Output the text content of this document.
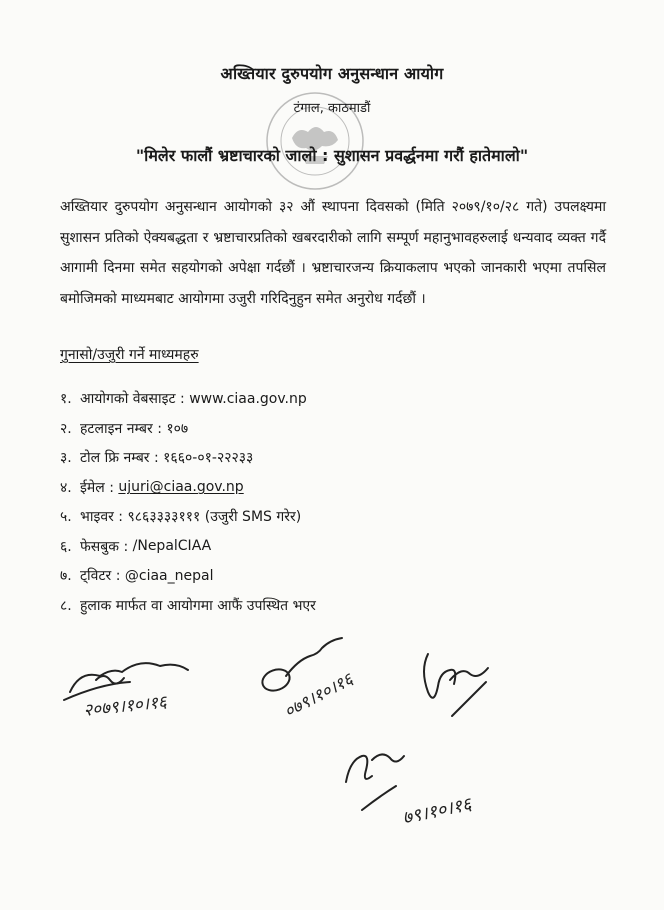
अख्तियार दुरुपयोग अनुसन्धान आयोग
टंगाल, काठमाडौं
"मिलेर फालौं भ्रष्टाचारको जालो : सुशासन प्रवर्द्धनमा गरौं हातेमालो"
अख्तियार दुरुपयोग अनुसन्धान आयोगको ३२ औं स्थापना दिवसको (मिति २०७९/१०/२८ गते) उपलक्ष्यमा सुशासन प्रतिको ऐक्यबद्धता र भ्रष्टाचारप्रतिको खबरदारीको लागि सम्पूर्ण महानुभावहरुलाई धन्यवाद व्यक्त गर्दै आगामी दिनमा समेत सहयोगको अपेक्षा गर्दछौं । भ्रष्टाचारजन्य क्रियाकलाप भएको जानकारी भएमा तपसिल बमोजिमको माध्यमबाट आयोगमा उजुरी गरिदिनुहुन समेत अनुरोध गर्दछौं ।
गुनासो/उजुरी गर्ने माध्यमहरु
१. आयोगको वेबसाइट :
www.ciaa.gov.np
२. हटलाइन नम्बर :
१०७
३. टोल फ्रि नम्बर :
१६६०-०१-२२२३३
४. ईमेल :
ujuri@ciaa.gov.np
५. भाइवर :
९८६३३३३१११ (उजुरी SMS गरेर)
६. फेसबुक :
/NepalCIAA
७. ट्विटर :
@ciaa_nepal
८. हुलाक मार्फत वा आयोगमा आफैं उपस्थित भएर
२०७९।१०।१६	०७९।१०।१६
७९।१०।१६
